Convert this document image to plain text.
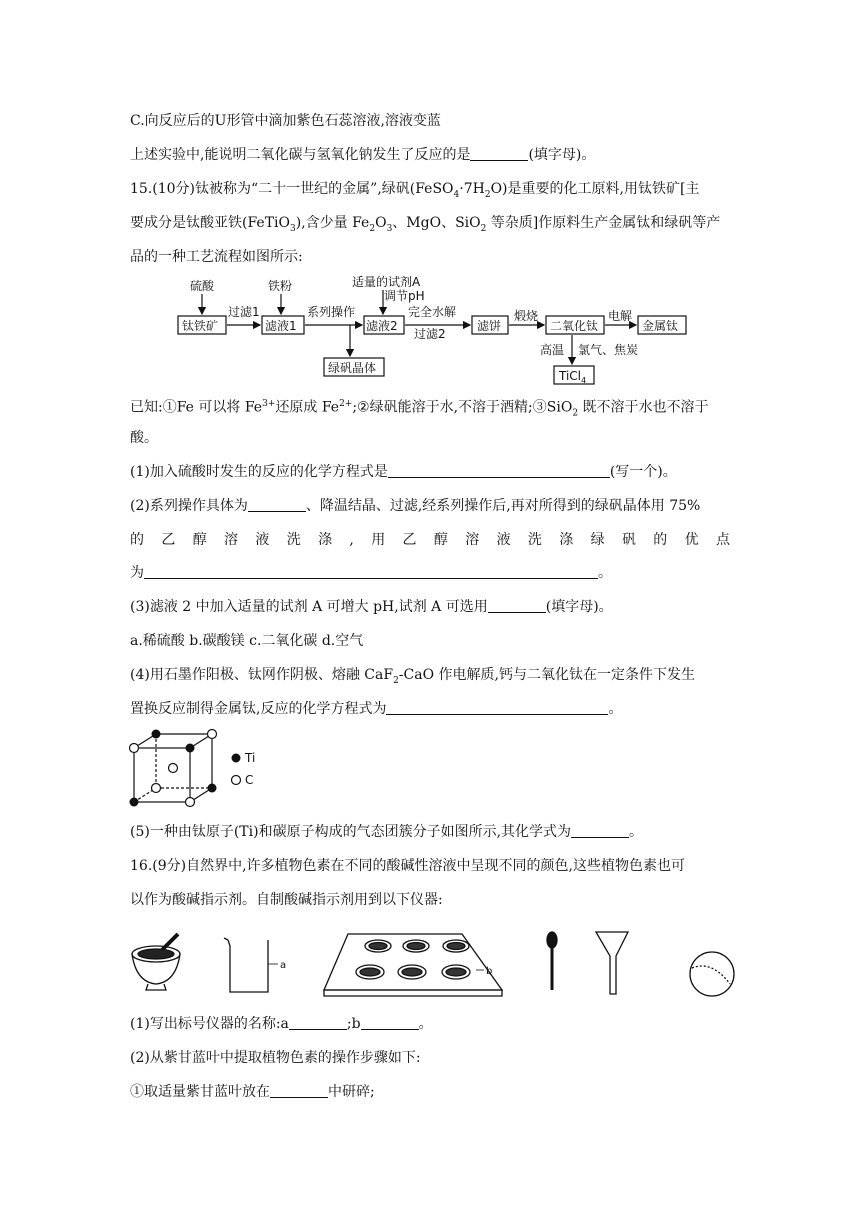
C.向反应后的U形管中滴加紫色石蕊溶液,溶液变蓝
上述实验中,能说明二氧化碳与氢氧化钠发生了反应的是	(填字母)。
15.(10分)钛被称为“二十一世纪的金属”,绿矾$(FeSO_4\cdot 7H_2O)$是重要的化工原料,用钛铁矿[主
要成分是钛酸亚铁(FeTiO$_3$),含少量 $Fe_2O_3$、MgO、SiO$_2$ 等杂质]作原料生产金属钛和绿矾等产
品的一种工艺流程如图所示:
硫酸	铁粉	适量的试剂A
调节pH
钛铁矿
过滤1
滤液1
系列操作
滤液2
完全水解
过滤2
滤饼
煅烧
二氧化钛
电解
金属钛
绿矾晶体
高温 氯气、焦炭
TiCl$_4$
已知:①Fe 可以将 $Fe^{3+}$还原成 $Fe^{2+};②$绿矾能溶于水,不溶于酒精;③SiO$_2$ 既不溶于水也不溶于
酸。
(1)加入硫酸时发生的反应的化学方程式是	(写一个)。
(2)系列操作具体为	、降温结晶、过滤,经系列操作后,再对所得到的绿矾晶体用 75%
的 乙 醇 溶 液 洗 涤 , 用 乙 醇 溶 液 洗 涤 绿 矾 的 优 点
为	。
(3)滤液 2 中加入适量的试剂 A 可增大 pH,试剂 A 可选用	(填字母)。
a.稀硫酸 b.碳酸镁 c.二氧化碳 d.空气
(4)用石墨作阳极、钛网作阴极、熔融 CaF$_2$-CaO 作电解质,钙与二氧化钛在一定条件下发生
置换反应制得金属钛,反应的化学方程式为	。
Ti
C
(5)一种由钛原子(Ti)和碳原子构成的气态团簇分子如图所示,其化学式为	。
16.(9分)自然界中,许多植物色素在不同的酸碱性溶液中呈现不同的颜色,这些植物色素也可
以作为酸碱指示剂。自制酸碱指示剂用到以下仪器:
a
b
(1)写出标号仪器的名称:a	;b	。
(2)从紫甘蓝叶中提取植物色素的操作步骤如下:
①取适量紫甘蓝叶放在	中研碎;
